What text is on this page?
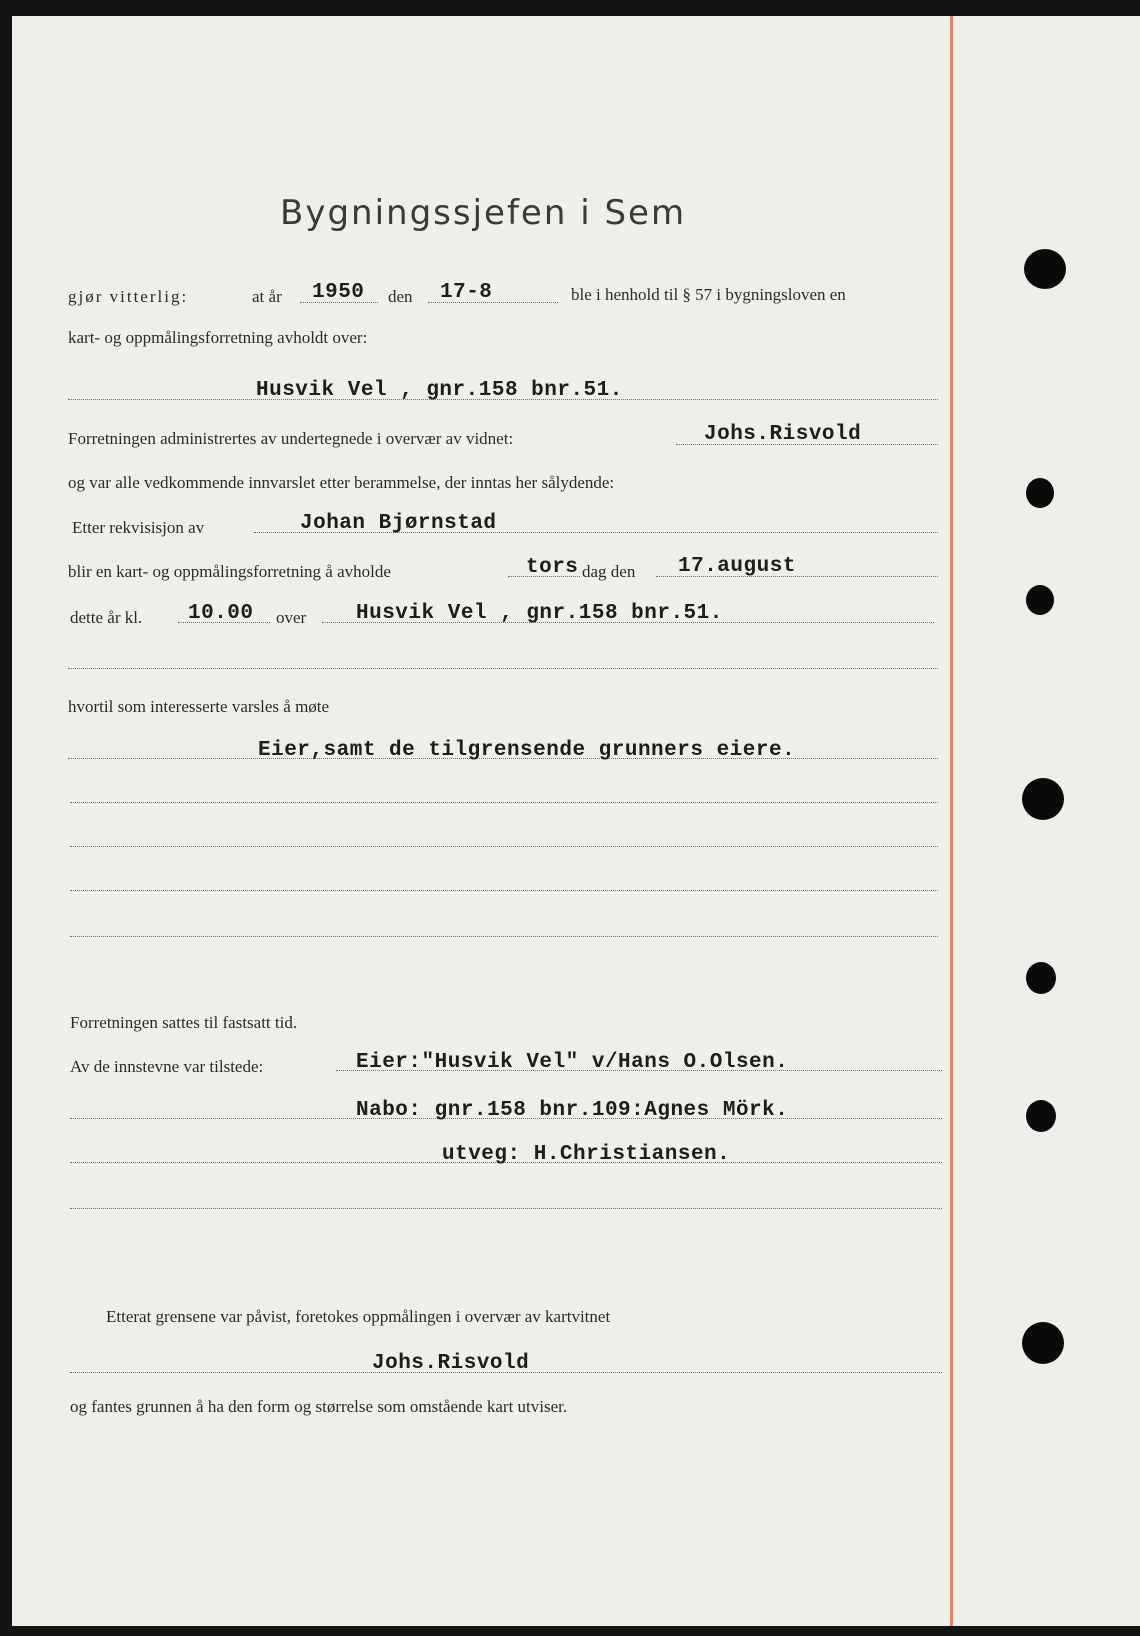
Bygningssjefen i Sem
gjør vitterlig:	at år 1950 den 17-8	ble i henhold til § 57 i bygningsloven en
kart- og oppmålingsforretning avholdt over:
Husvik Vel , gnr.158 bnr.51.
Forretningen administrertes av undertegnede i overvær av vidnet:	Johs.Risvold
og var alle vedkommende innvarslet etter berammelse, der inntas her sålydende:
Etter rekvisisjon av	Johan Bjørnstad
blir en kart- og oppmålingsforretning å avholde	tors dag den 17.august
dette år kl. 10.00 over Husvik Vel , gnr.158 bnr.51.
hvortil som interesserte varsles å møte
Eier,samt de tilgrensende grunners eiere.
Forretningen sattes til fastsatt tid.
Av de innstevne var tilstede:	Eier:"Husvik Vel" v/Hans O.Olsen.
Nabo: gnr.158 bnr.109:Agnes Mörk.
utveg: H.Christiansen.
Etterat grensene var påvist, foretokes oppmålingen i overvær av kartvitnet
Johs.Risvold
og fantes grunnen å ha den form og størrelse som omstående kart utviser.
